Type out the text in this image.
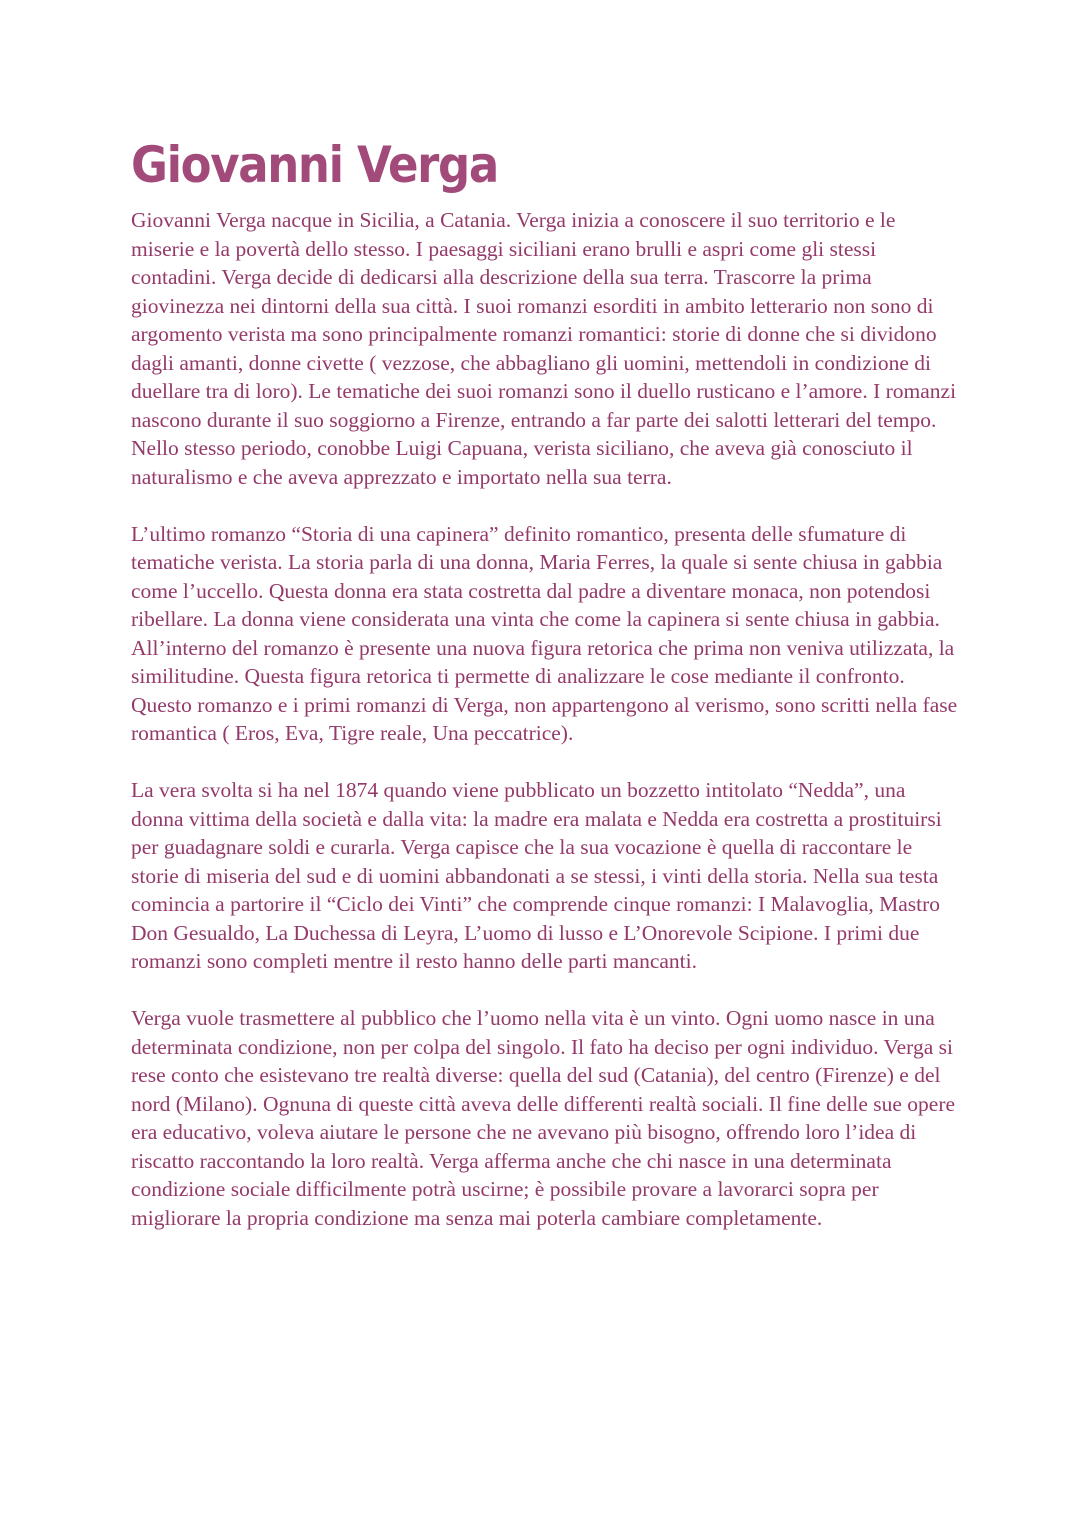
Giovanni Verga

Giovanni Verga nacque in Sicilia, a Catania. Verga inizia a conoscere il suo territorio e le miserie e la povertà dello stesso. I paesaggi siciliani erano brulli e aspri come gli stessi contadini. Verga decide di dedicarsi alla descrizione della sua terra. Trascorre la prima giovinezza nei dintorni della sua città. I suoi romanzi esorditi in ambito letterario non sono di argomento verista ma sono principalmente romanzi romantici: storie di donne che si dividono dagli amanti, donne civette ( vezzose, che abbagliano gli uomini, mettendoli in condizione di duellare tra di loro). Le tematiche dei suoi romanzi sono il duello rusticano e l’amore. I romanzi nascono durante il suo soggiorno a Firenze, entrando a far parte dei salotti letterari del tempo. Nello stesso periodo, conobbe Luigi Capuana, verista siciliano, che aveva già conosciuto il naturalismo e che aveva apprezzato e importato nella sua terra.

L’ultimo romanzo “Storia di una capinera” definito romantico, presenta delle sfumature di tematiche verista. La storia parla di una donna, Maria Ferres, la quale si sente chiusa in gabbia come l’uccello. Questa donna era stata costretta dal padre a diventare monaca, non potendosi ribellare. La donna viene considerata una vinta che come la capinera si sente chiusa in gabbia. All’interno del romanzo è presente una nuova figura retorica che prima non veniva utilizzata, la similitudine. Questa figura retorica ti permette di analizzare le cose mediante il confronto. Questo romanzo e i primi romanzi di Verga, non appartengono al verismo, sono scritti nella fase romantica ( Eros, Eva, Tigre reale, Una peccatrice).

La vera svolta si ha nel 1874 quando viene pubblicato un bozzetto intitolato “Nedda”, una donna vittima della società e dalla vita: la madre era malata e Nedda era costretta a prostituirsi per guadagnare soldi e curarla. Verga capisce che la sua vocazione è quella di raccontare le storie di miseria del sud e di uomini abbandonati a se stessi, i vinti della storia. Nella sua testa comincia a partorire il “Ciclo dei Vinti” che comprende cinque romanzi: I Malavoglia, Mastro Don Gesualdo, La Duchessa di Leyra, L’uomo di lusso e L’Onorevole Scipione. I primi due romanzi sono completi mentre il resto hanno delle parti mancanti.

Verga vuole trasmettere al pubblico che l’uomo nella vita è un vinto. Ogni uomo nasce in una determinata condizione, non per colpa del singolo. Il fato ha deciso per ogni individuo. Verga si rese conto che esistevano tre realtà diverse: quella del sud (Catania), del centro (Firenze) e del nord (Milano). Ognuna di queste città aveva delle differenti realtà sociali. Il fine delle sue opere era educativo, voleva aiutare le persone che ne avevano più bisogno, offrendo loro l’idea di riscatto raccontando la loro realtà. Verga afferma anche che chi nasce in una determinata condizione sociale difficilmente potrà uscirne; è possibile provare a lavorarci sopra per migliorare la propria condizione ma senza mai poterla cambiare completamente.
